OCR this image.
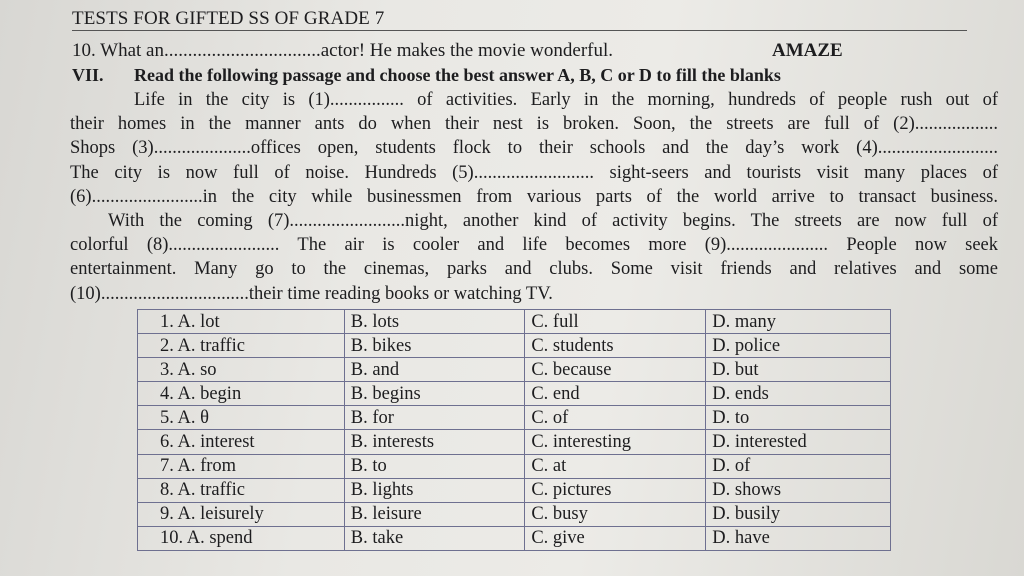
TESTS FOR GIFTED SS OF GRADE 7
10. What an.................................actor! He makes the movie wonderful.	AMAZE
VII. Read the following passage and choose the best answer A, B, C or D to fill the blanks
Life in the city is (1)................ of activities. Early in the morning, hundreds of people rush out of
their homes in the manner ants do when their nest is broken. Soon, the streets are full of (2)..................
Shops (3).....................offices open, students flock to their schools and the day’s work (4)..........................
The city is now full of noise. Hundreds (5).......................... sight-seers and tourists visit many places of
(6)........................in the city while businessmen from various parts of the world arrive to transact business.
With the coming (7).........................night, another kind of activity begins. The streets are now full of
colorful (8)........................ The air is cooler and life becomes more (9)...................... People now seek
entertainment. Many go to the cinemas, parks and clubs. Some visit friends and relatives and some
(10)................................their time reading books or watching TV.
1. A. lot	B. lots	C. full	D. many
2. A. traffic	B. bikes	C. students	D. police
3. A. so	B. and	C. because	D. but
4. A. begin	B. begins	C. end	D. ends
5. A. θ	B. for	C. of	D. to
6. A. interest	B. interests	C. interesting	D. interested
7. A. from	B. to	C. at	D. of
8. A. traffic	B. lights	C. pictures	D. shows
9. A. leisurely	B. leisure	C. busy	D. busily
10. A. spend	B. take	C. give	D. have
